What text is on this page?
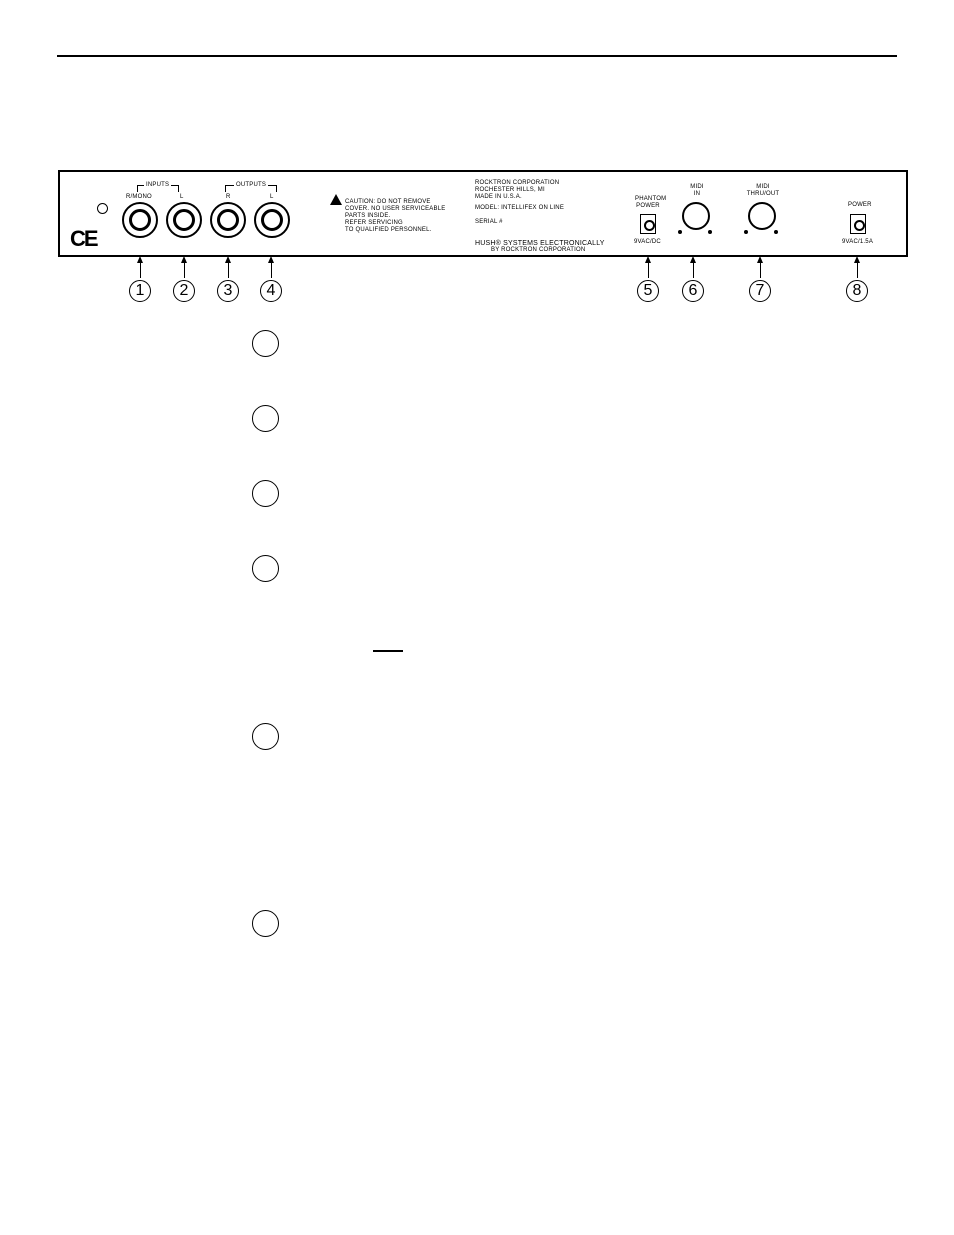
CE
INPUTS
R/MONO	L
OUTPUTS
R	L
CAUTION: DO NOT REMOVE
COVER. NO USER SERVICEABLE
PARTS INSIDE.
REFER SERVICING
TO QUALIFIED PERSONNEL.
ROCKTRON CORPORATION
ROCHESTER HILLS, MI
MADE IN U.S.A.
MODEL: INTELLIFEX ON LINE
SERIAL #
HUSH® SYSTEMS ELECTRONICALLY
BY ROCKTRON CORPORATION
PHANTOM
POWER
9VAC/DC
MIDI
IN
MIDI
THRU/OUT
POWER
9VAC/1.5A
1	2	3	4	5	6	7	8
